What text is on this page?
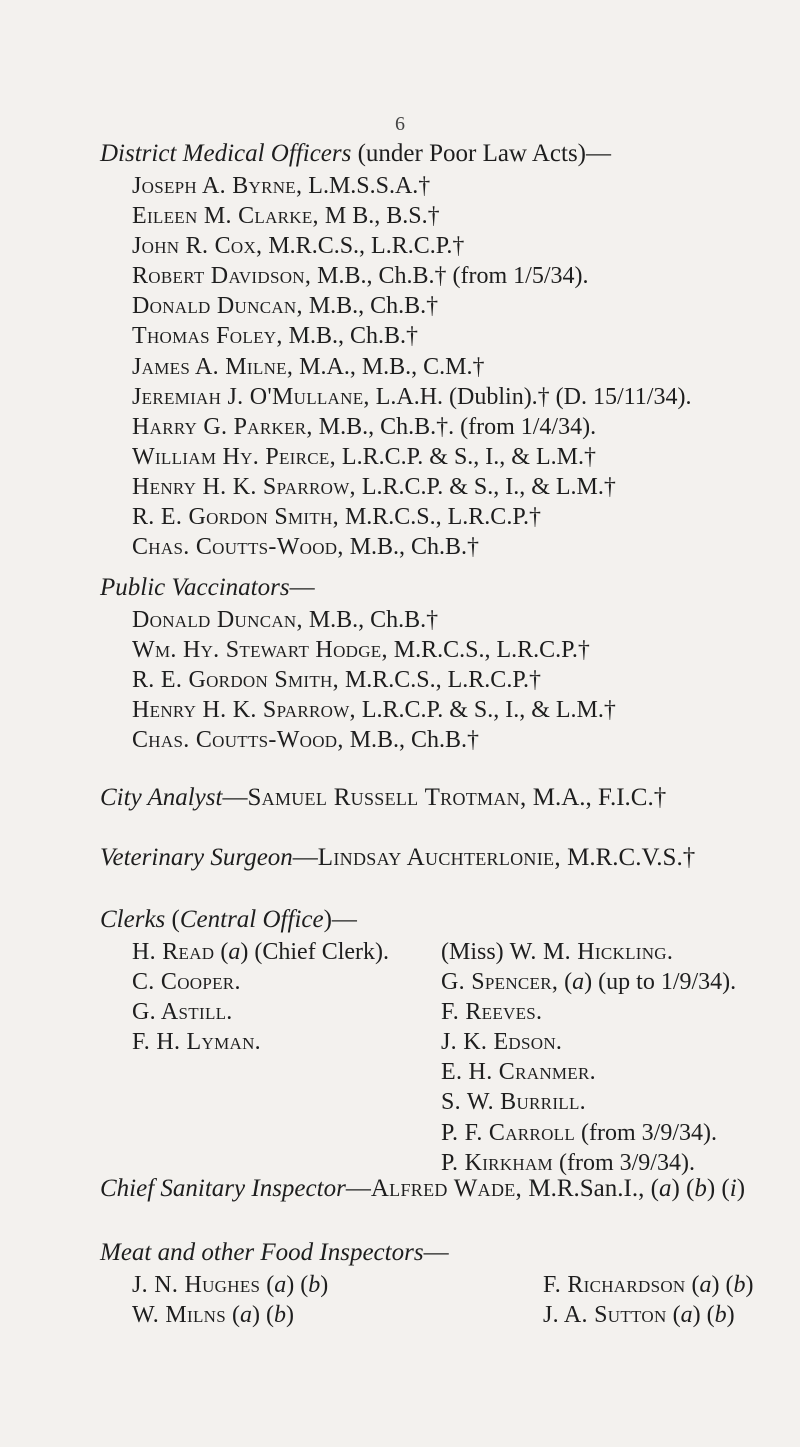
6
District Medical Officers (under Poor Law Acts)—
Joseph A. Byrne, L.M.S.S.A.†
Eileen M. Clarke, M B., B.S.†
John R. Cox, M.R.C.S., L.R.C.P.†
Robert Davidson, M.B., Ch.B.† (from 1/5/34).
Donald Duncan, M.B., Ch.B.†
Thomas Foley, M.B., Ch.B.†
James A. Milne, M.A., M.B., C.M.†
Jeremiah J. O'Mullane, L.A.H. (Dublin).† (D. 15/11/34).
Harry G. Parker, M.B., Ch.B.†. (from 1/4/34).
William Hy. Peirce, L.R.C.P. & S., I., & L.M.†
Henry H. K. Sparrow, L.R.C.P. & S., I., & L.M.†
R. E. Gordon Smith, M.R.C.S., L.R.C.P.†
Chas. Coutts-Wood, M.B., Ch.B.†
Public Vaccinators—
Donald Duncan, M.B., Ch.B.†
Wm. Hy. Stewart Hodge, M.R.C.S., L.R.C.P.†
R. E. Gordon Smith, M.R.C.S., L.R.C.P.†
Henry H. K. Sparrow, L.R.C.P. & S., I., & L.M.†
Chas. Coutts-Wood, M.B., Ch.B.†
City Analyst—Samuel Russell Trotman, M.A., F.I.C.†
Veterinary Surgeon—Lindsay Auchterlonie, M.R.C.V.S.†
Clerks (Central Office)—
H. Read (a) (Chief Clerk).
C. Cooper.
G. Astill.
F. H. Lyman.
(Miss) W. M. Hickling.
G. Spencer, (a) (up to 1/9/34).
F. Reeves.
J. K. Edson.
E. H. Cranmer.
S. W. Burrill.
P. F. Carroll (from 3/9/34).
P. Kirkham (from 3/9/34).
Chief Sanitary Inspector—Alfred Wade, M.R.San.I., (a) (b) (i)
Meat and other Food Inspectors—
J. N. Hughes (a) (b)
W. Milns (a) (b)
F. Richardson (a) (b)
J. A. Sutton (a) (b)
